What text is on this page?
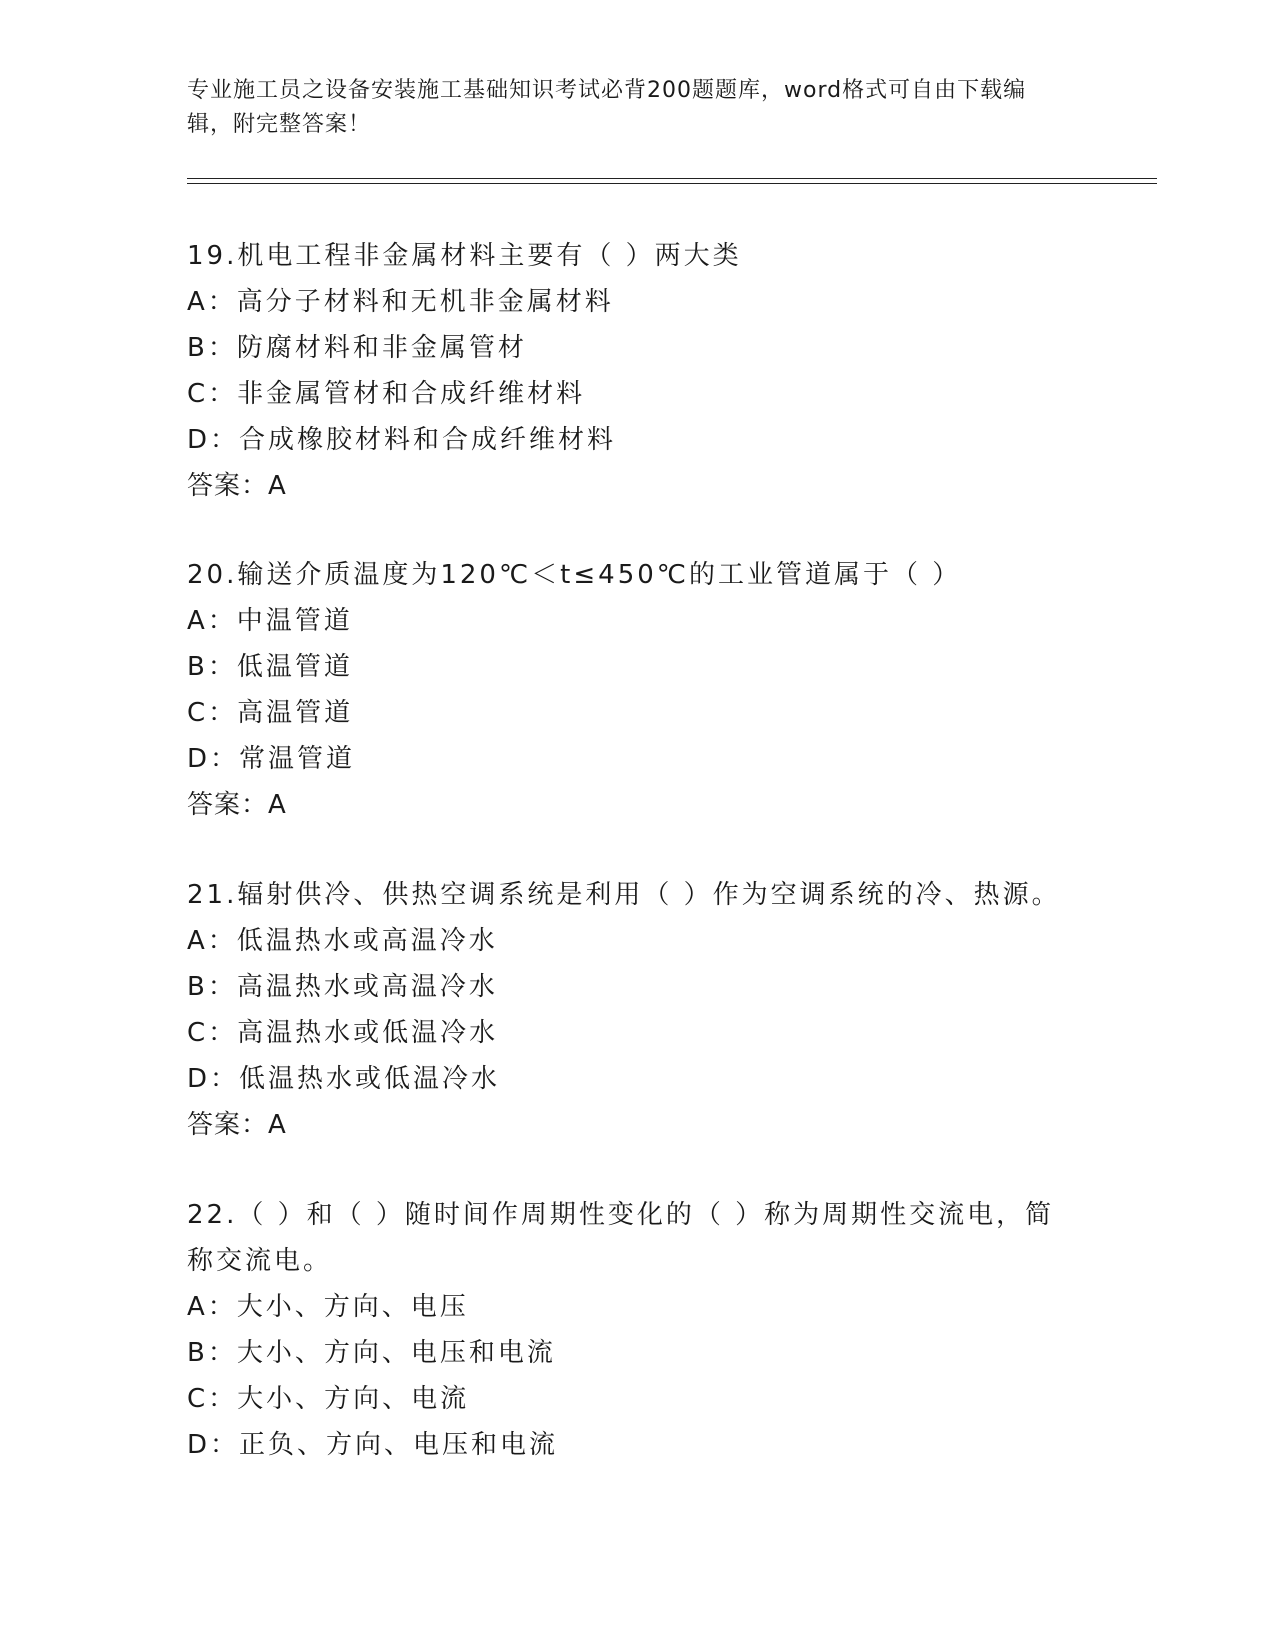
专业施工员之设备安装施工基础知识考试必背200题题库，word格式可自由下载编辑，附完整答案！
19.机电工程非金属材料主要有（ ）两大类
A：高分子材料和无机非金属材料
B：防腐材料和非金属管材
C：非金属管材和合成纤维材料
D：合成橡胶材料和合成纤维材料
答案：A
20.输送介质温度为120℃＜t≤450℃的工业管道属于（ ）
A：中温管道
B：低温管道
C：高温管道
D：常温管道
答案：A
21.辐射供冷、供热空调系统是利用（ ）作为空调系统的冷、热源。
A：低温热水或高温冷水
B：高温热水或高温冷水
C：高温热水或低温冷水
D：低温热水或低温冷水
答案：A
22.（ ）和（ ）随时间作周期性变化的（ ）称为周期性交流电，简称交流电。
A：大小、方向、电压
B：大小、方向、电压和电流
C：大小、方向、电流
D：正负、方向、电压和电流
